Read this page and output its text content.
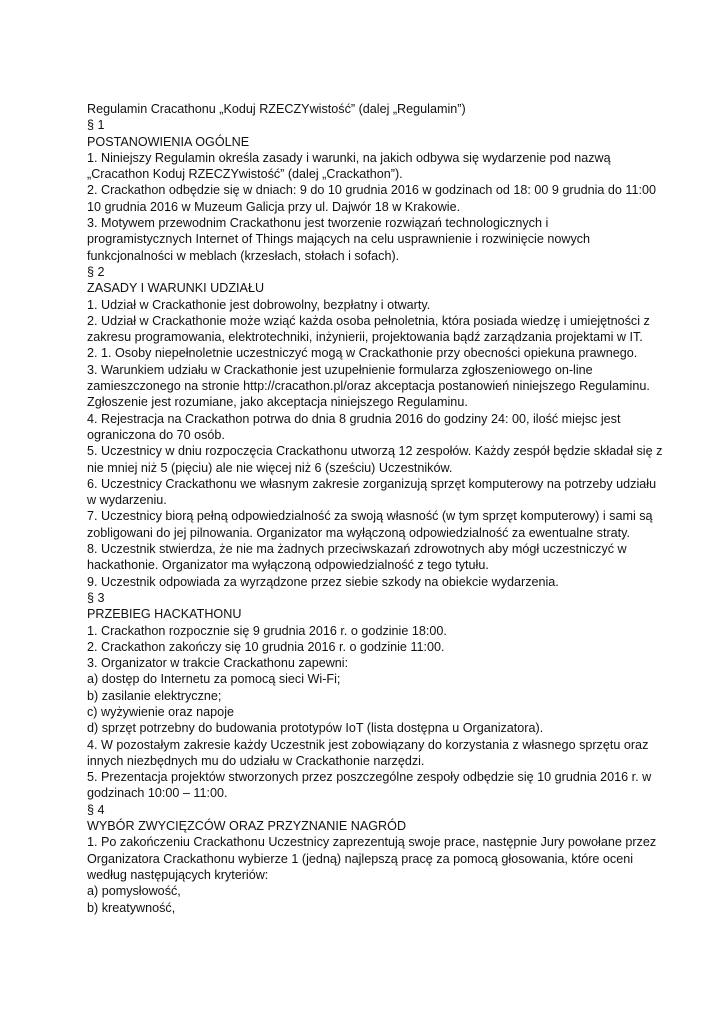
Regulamin Cracathonu „Koduj RZECZYwistość” (dalej „Regulamin”)
§ 1
POSTANOWIENIA OGÓLNE
1. Niniejszy Regulamin określa zasady i warunki, na jakich odbywa się wydarzenie pod nazwą
„Cracathon Koduj RZECZYwistość” (dalej „Crackathon”).
2. Crackathon odbędzie się w dniach: 9 do 10 grudnia 2016 w godzinach od 18: 00 9 grudnia do 11:00
10 grudnia 2016 w Muzeum Galicja przy ul. Dajwór 18 w Krakowie.
3. Motywem przewodnim Crackathonu jest tworzenie rozwiązań technologicznych i
programistycznych Internet of Things mających na celu usprawnienie i rozwinięcie nowych
funkcjonalności w meblach (krzesłach, stołach i sofach).
§ 2
ZASADY I WARUNKI UDZIAŁU
1. Udział w Crackathonie jest dobrowolny, bezpłatny i otwarty.
2. Udział w Crackathonie może wziąć każda osoba pełnoletnia, która posiada wiedzę i umiejętności z
zakresu programowania, elektrotechniki, inżynierii, projektowania bądź zarządzania projektami w IT.
2. 1. Osoby niepełnoletnie uczestniczyć mogą w Crackathonie przy obecności opiekuna prawnego.
3. Warunkiem udziału w Crackathonie jest uzupełnienie formularza zgłoszeniowego on-line
zamieszczonego na stronie http://cracathon.pl/oraz akceptacja postanowień niniejszego Regulaminu.
Zgłoszenie jest rozumiane, jako akceptacja niniejszego Regulaminu.
4. Rejestracja na Crackathon potrwa do dnia 8 grudnia 2016 do godziny 24: 00, ilość miejsc jest
ograniczona do 70 osób.
5. Uczestnicy w dniu rozpoczęcia Crackathonu utworzą 12 zespołów. Każdy zespół będzie składał się z
nie mniej niż 5 (pięciu) ale nie więcej niż 6 (sześciu) Uczestników.
6. Uczestnicy Crackathonu we własnym zakresie zorganizują sprzęt komputerowy na potrzeby udziału
w wydarzeniu.
7. Uczestnicy biorą pełną odpowiedzialność za swoją własność (w tym sprzęt komputerowy) i sami są
zobligowani do jej pilnowania. Organizator ma wyłączoną odpowiedzialność za ewentualne straty.
8. Uczestnik stwierdza, że nie ma żadnych przeciwskazań zdrowotnych aby mógł uczestniczyć w
hackathonie. Organizator ma wyłączoną odpowiedzialność z tego tytułu.
9. Uczestnik odpowiada za wyrządzone przez siebie szkody na obiekcie wydarzenia.
§ 3
PRZEBIEG HACKATHONU
1. Crackathon rozpocznie się 9 grudnia 2016 r. o godzinie 18:00.
2. Crackathon zakończy się 10 grudnia 2016 r. o godzinie 11:00.
3. Organizator w trakcie Crackathonu zapewni:
a) dostęp do Internetu za pomocą sieci Wi-Fi;
b) zasilanie elektryczne;
c) wyżywienie oraz napoje
d) sprzęt potrzebny do budowania prototypów IoT (lista dostępna u Organizatora).
4. W pozostałym zakresie każdy Uczestnik jest zobowiązany do korzystania z własnego sprzętu oraz
innych niezbędnych mu do udziału w Crackathonie narzędzi.
5. Prezentacja projektów stworzonych przez poszczególne zespoły odbędzie się 10 grudnia 2016 r. w
godzinach 10:00 – 11:00.
§ 4
WYBÓR ZWYCIĘZCÓW ORAZ PRZYZNANIE NAGRÓD
1. Po zakończeniu Crackathonu Uczestnicy zaprezentują swoje prace, następnie Jury powołane przez
Organizatora Crackathonu wybierze 1 (jedną) najlepszą pracę za pomocą głosowania, które oceni
według następujących kryteriów:
a) pomysłowość,
b) kreatywność,
